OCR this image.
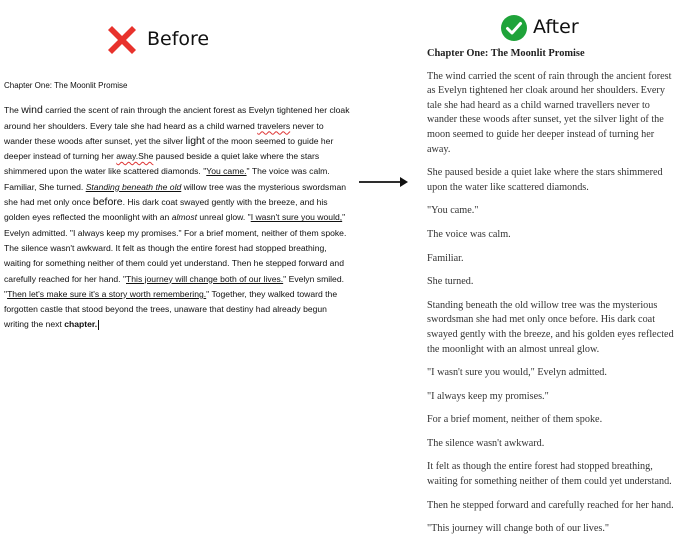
Before
After
Chapter One: The Moonlit Promise

The wind carried the scent of rain through the ancient forest as Evelyn tightened her cloak around her shoulders. Every tale she had heard as a child warned travelers never to wander these woods after sunset, yet the silver light of the moon seemed to guide her deeper instead of turning her away.She paused beside a quiet lake where the stars shimmered upon the water like scattered diamonds. "You came." The voice was calm. Familiar, She turned. Standing beneath the old willow tree was the mysterious swordsman she had met only once before. His dark coat swayed gently with the breeze, and his golden eyes reflected the moonlight with an almost unreal glow. "I wasn't sure you would," Evelyn admitted. "I always keep my promises." For a brief moment, neither of them spoke. The silence wasn't awkward. It felt as though the entire forest had stopped breathing, waiting for something neither of them could yet understand. Then he stepped forward and carefully reached for her hand. "This journey will change both of our lives." Evelyn smiled. "Then let's make sure it's a story worth remembering." Together, they walked toward the forgotten castle that stood beyond the trees, unaware that destiny had already begun writing the next chapter.

Chapter One: The Moonlit Promise

The wind carried the scent of rain through the ancient forest as Evelyn tightened her cloak around her shoulders. Every tale she had heard as a child warned travellers never to wander these woods after sunset, yet the silver light of the moon seemed to guide her deeper instead of turning her away.

She paused beside a quiet lake where the stars shimmered upon the water like scattered diamonds.

"You came."

The voice was calm.

Familiar.

She turned.

Standing beneath the old willow tree was the mysterious swordsman she had met only once before. His dark coat swayed gently with the breeze, and his golden eyes reflected the moonlight with an almost unreal glow.

"I wasn't sure you would," Evelyn admitted.

"I always keep my promises."

For a brief moment, neither of them spoke.

The silence wasn't awkward.

It felt as though the entire forest had stopped breathing, waiting for something neither of them could yet understand.

Then he stepped forward and carefully reached for her hand.

"This journey will change both of our lives."
